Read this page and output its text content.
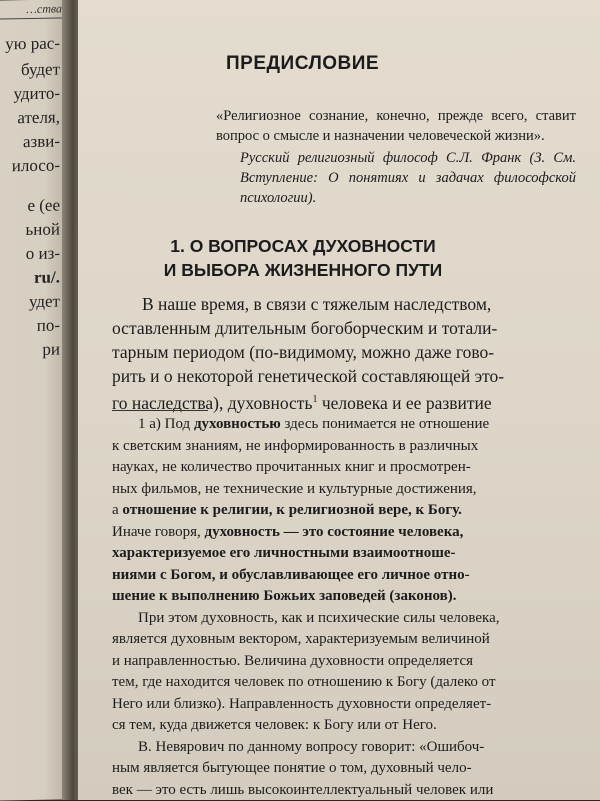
…ства
ую рас-
будет
удито-
ателя,
азви-
илосо-
е (ее
ьной
о из-
ru/.
удет
по-
ри
ПРЕДИСЛОВИЕ
«Религиозное сознание, конечно, прежде всего, ставит вопрос о смысле и назначении человеческой жизни».
Русский религиозный философ С.Л. Франк (З. См. Вступление: О понятиях и задачах философской психологии).
1. О ВОПРОСАХ ДУХОВНОСТИ
И ВЫБОРА ЖИЗНЕННОГО ПУТИ
В наше время, в связи с тяжелым наследством,
оставленным длительным богоборческим и тотали-
тарным периодом (по-видимому, можно даже гово-
рить и о некоторой генетической составляющей это-
го наследства), духовность$^1$ человека и ее развитие
1 а) Под духовностью здесь понимается не отношение
к светским знаниям, не информированность в различных
науках, не количество прочитанных книг и просмотрен-
ных фильмов, не технические и культурные достижения,
а отношение к религии, к религиозной вере, к Богу.
Иначе говоря, духовность — это состояние человека,
характеризуемое его личностными взаимоотноше-
ниями с Богом, и обуславливающее его личное отно-
шение к выполнению Божьих заповедей (законов).
При этом духовность, как и психические силы человека,
является духовным вектором, характеризуемым величиной
и направленностью. Величина духовности определяется
тем, где находится человек по отношению к Богу (далеко от
Него или близко). Направленность духовности определяет-
ся тем, куда движется человек: к Богу или от Него.
В. Невярович по данному вопросу говорит: «Ошибоч-
ным является бытующее понятие о том, духовный чело-
век — это есть лишь высокоинтеллектуальный человек или
